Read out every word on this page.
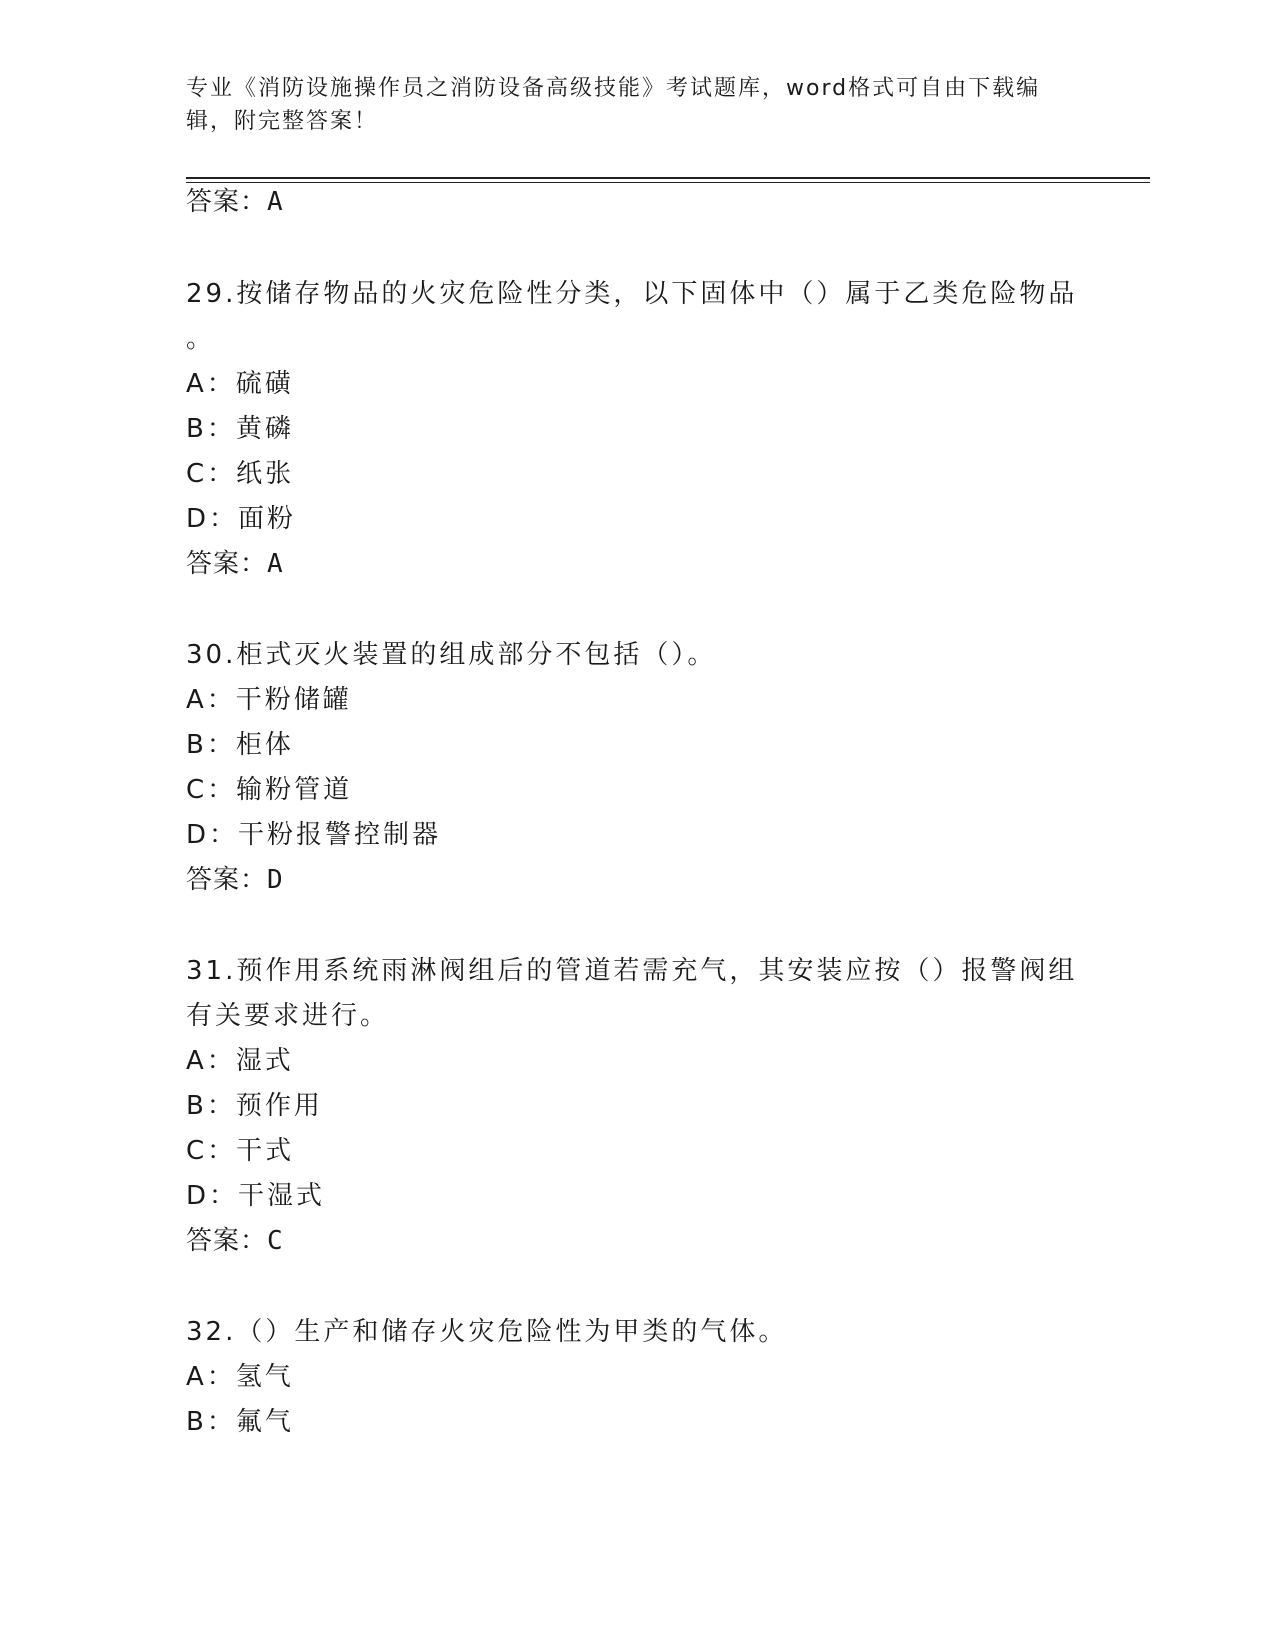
专业《消防设施操作员之消防设备高级技能》考试题库，word格式可自由下载编辑，附完整答案！
答案：A
29.按储存物品的火灾危险性分类，以下固体中（）属于乙类危险物品
。
A：硫磺
B：黄磷
C：纸张
D：面粉
答案：A
30.柜式灭火装置的组成部分不包括（）。
A：干粉储罐
B：柜体
C：输粉管道
D：干粉报警控制器
答案：D
31.预作用系统雨淋阀组后的管道若需充气，其安装应按（）报警阀组
有关要求进行。
A：湿式
B：预作用
C：干式
D：干湿式
答案：C
32.（）生产和储存火灾危险性为甲类的气体。
A：氢气
B：氟气
